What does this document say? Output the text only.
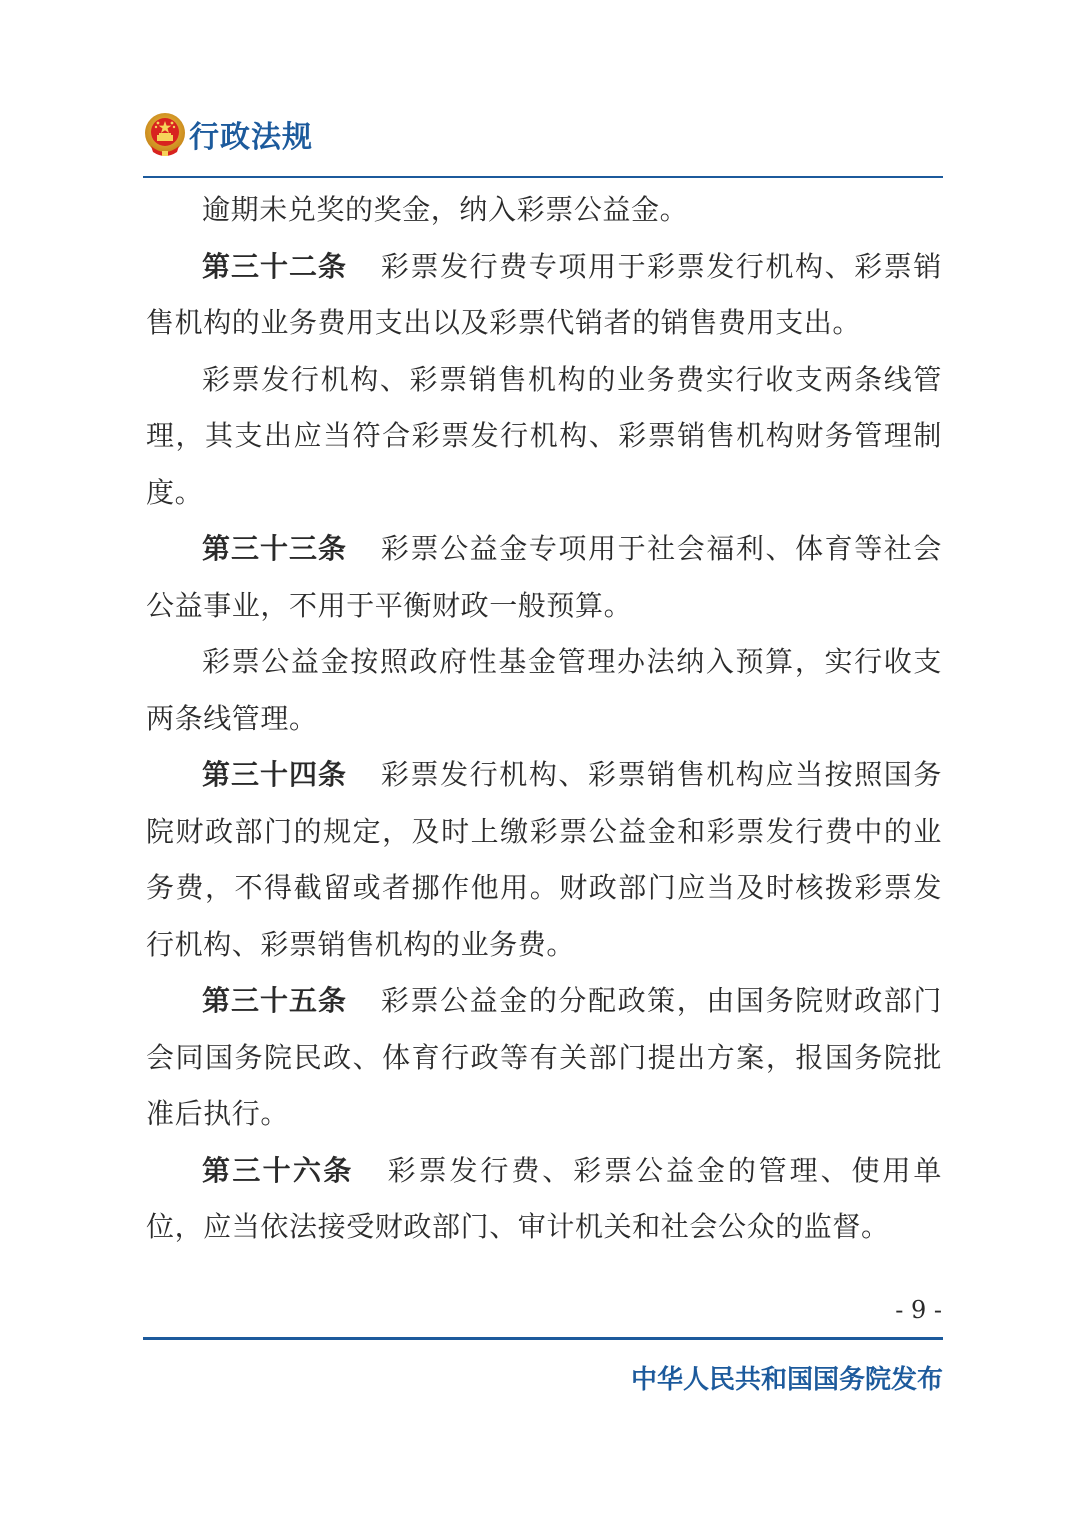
行政法规

逾期未兑奖的奖金，纳入彩票公益金。

第三十二条 彩票发行费专项用于彩票发行机构、彩票销售机构的业务费用支出以及彩票代销者的销售费用支出。

彩票发行机构、彩票销售机构的业务费实行收支两条线管理，其支出应当符合彩票发行机构、彩票销售机构财务管理制度。

第三十三条 彩票公益金专项用于社会福利、体育等社会公益事业，不用于平衡财政一般预算。

彩票公益金按照政府性基金管理办法纳入预算，实行收支两条线管理。

第三十四条 彩票发行机构、彩票销售机构应当按照国务院财政部门的规定，及时上缴彩票公益金和彩票发行费中的业务费，不得截留或者挪作他用。财政部门应当及时核拨彩票发行机构、彩票销售机构的业务费。

第三十五条 彩票公益金的分配政策，由国务院财政部门会同国务院民政、体育行政等有关部门提出方案，报国务院批准后执行。

第三十六条 彩票发行费、彩票公益金的管理、使用单位，应当依法接受财政部门、审计机关和社会公众的监督。

- 9 -
中华人民共和国国务院发布
